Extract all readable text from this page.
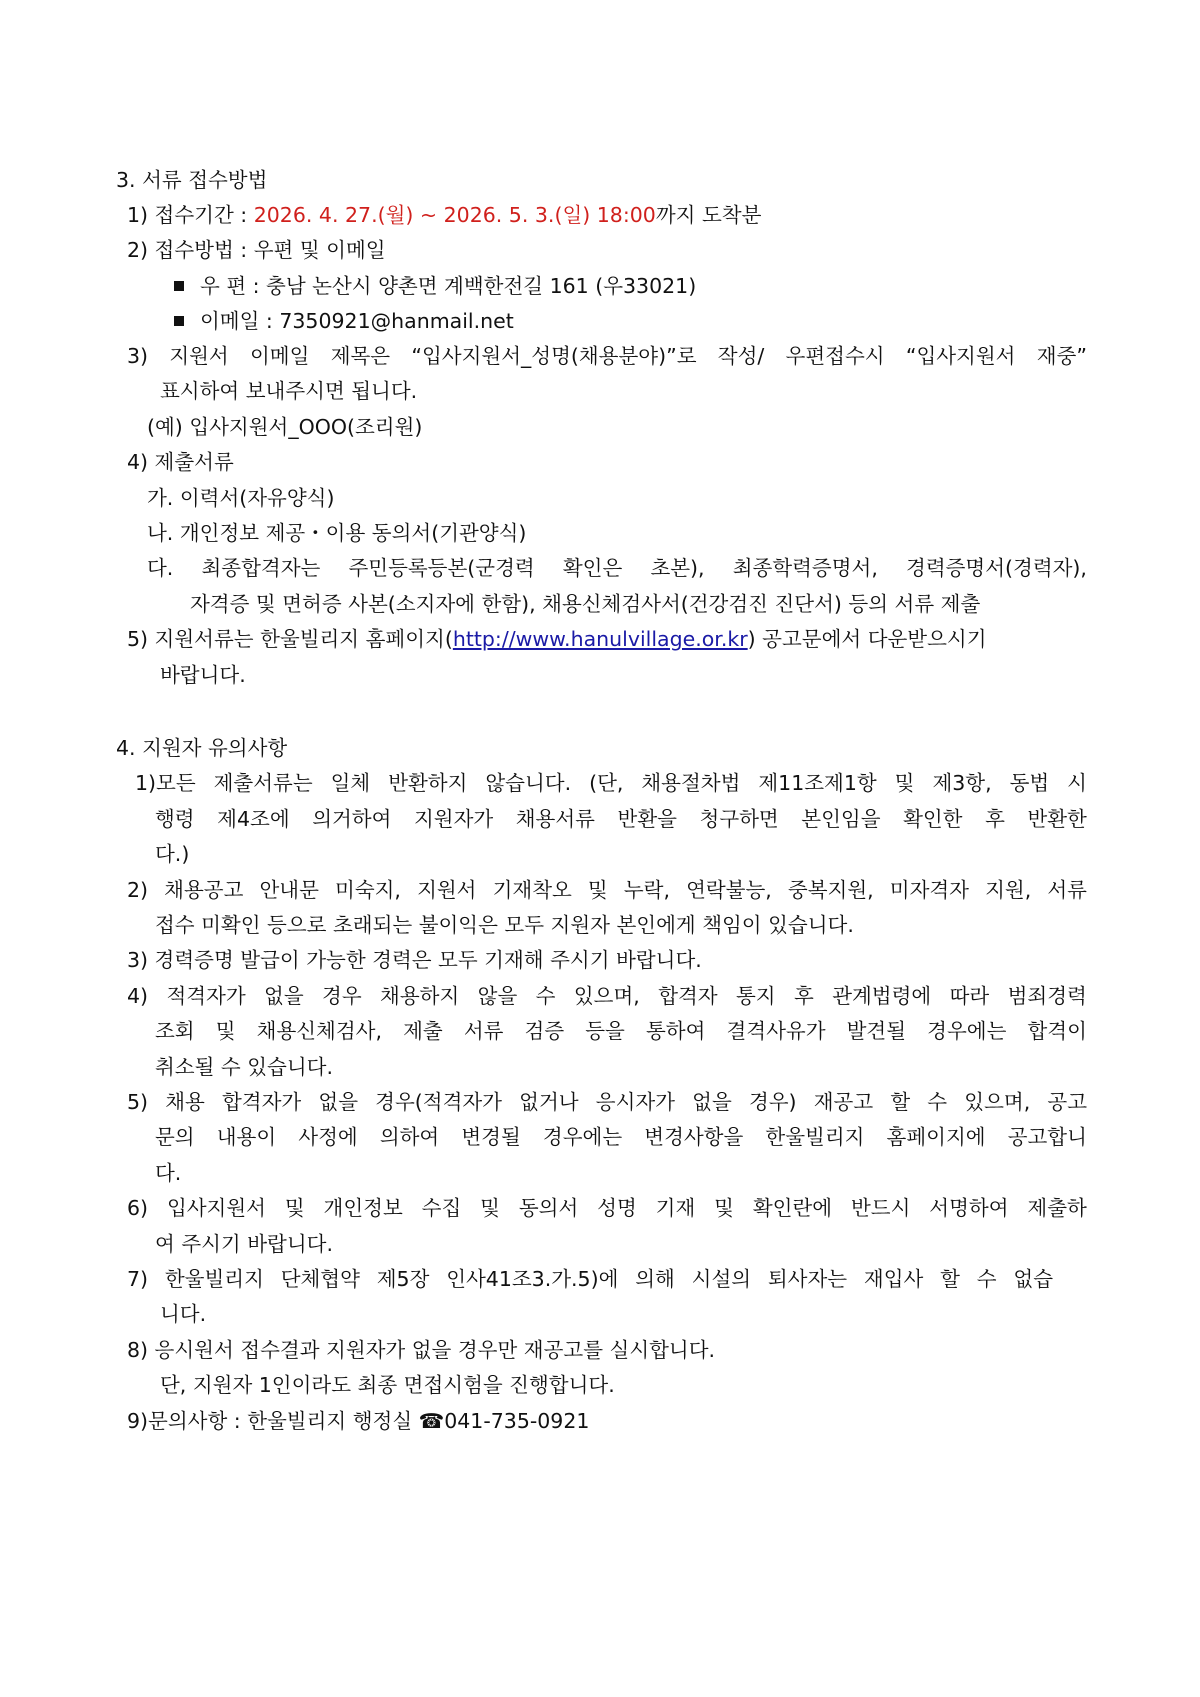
3. 서류 접수방법
1) 접수기간 : 2026. 4. 27.(월) ~ 2026. 5. 3.(일) 18:00까지 도착분
2) 접수방법 : 우편 및 이메일
우 편 : 충남 논산시 양촌면 계백한전길 161 (우33021)
이메일 : 7350921@hanmail.net
3) 지원서 이메일 제목은 “입사지원서_성명(채용분야)”로 작성/ 우편접수시 “입사지원서 재중”
표시하여 보내주시면 됩니다.
(예) 입사지원서_OOO(조리원)
4) 제출서류
가. 이력서(자유양식)
나. 개인정보 제공・이용 동의서(기관양식)
다. 최종합격자는 주민등록등본(군경력 확인은 초본), 최종학력증명서, 경력증명서(경력자),
자격증 및 면허증 사본(소지자에 한함), 채용신체검사서(건강검진 진단서) 등의 서류 제출
5) 지원서류는 한울빌리지 홈페이지( http://www.hanulvillage.or.kr) 공고문에서 다운받으시기
바랍니다.
4. 지원자 유의사항
1)모든 제출서류는 일체 반환하지 않습니다. (단, 채용절차법 제11조제1항 및 제3항, 동법 시
행령 제4조에 의거하여 지원자가 채용서류 반환을 청구하면 본인임을 확인한 후 반환한
다.)
2) 채용공고 안내문 미숙지, 지원서 기재착오 및 누락, 연락불능, 중복지원, 미자격자 지원, 서류
접수 미확인 등으로 초래되는 불이익은 모두 지원자 본인에게 책임이 있습니다.
3) 경력증명 발급이 가능한 경력은 모두 기재해 주시기 바랍니다.
4) 적격자가 없을 경우 채용하지 않을 수 있으며, 합격자 통지 후 관계법령에 따라 범죄경력
조회 및 채용신체검사, 제출 서류 검증 등을 통하여 결격사유가 발견될 경우에는 합격이
취소될 수 있습니다.
5) 채용 합격자가 없을 경우(적격자가 없거나 응시자가 없을 경우) 재공고 할 수 있으며, 공고
문의 내용이 사정에 의하여 변경될 경우에는 변경사항을 한울빌리지 홈페이지에 공고합니
다.
6) 입사지원서 및 개인정보 수집 및 동의서 성명 기재 및 확인란에 반드시 서명하여 제출하
여 주시기 바랍니다.
7) 한울빌리지 단체협약 제5장 인사41조3.가.5)에 의해 시설의 퇴사자는 재입사 할 수 없습
니다.
8) 응시원서 접수결과 지원자가 없을 경우만 재공고를 실시합니다.
단, 지원자 1인이라도 최종 면접시험을 진행합니다.
9)문의사항 : 한울빌리지 행정실 ☎041-735-0921
